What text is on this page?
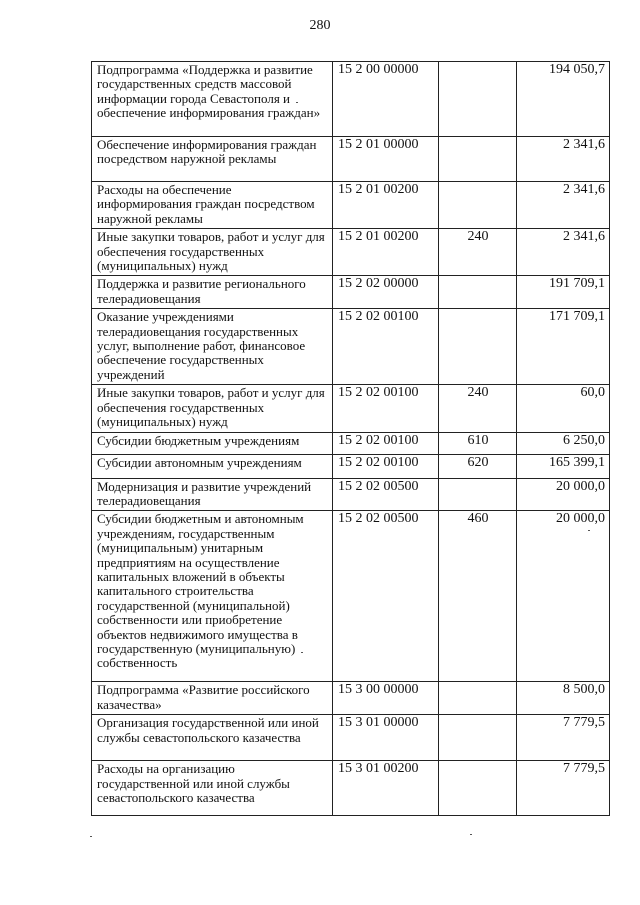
280
Подпрограмма «Поддержка и развитие государственных средств массовой информации города Севастополя и обеспечение информирования граждан»	15 2 00 00000		194 050,7
Обеспечение информирования граждан посредством наружной рекламы	15 2 01 00000		2 341,6
Расходы на обеспечение информирования граждан посредством наружной рекламы	15 2 01 00200		2 341,6
Иные закупки товаров, работ и услуг для обеспечения государственных (муниципальных) нужд	15 2 01 00200	240	2 341,6
Поддержка и развитие регионального телерадиовещания	15 2 02 00000		191 709,1
Оказание учреждениями телерадиовещания государственных услуг, выполнение работ, финансовое обеспечение государственных учреждений	15 2 02 00100		171 709,1
Иные закупки товаров, работ и услуг для обеспечения государственных (муниципальных) нужд	15 2 02 00100	240	60,0
Субсидии бюджетным учреждениям	15 2 02 00100	610	6 250,0
Субсидии автономным учреждениям	15 2 02 00100	620	165 399,1
Модернизация и развитие учреждений телерадиовещания	15 2 02 00500		20 000,0
Субсидии бюджетным и автономным учреждениям, государственным (муниципальным) унитарным предприятиям на осуществление капитальных вложений в объекты капитального строительства государственной (муниципальной) собственности или приобретение объектов недвижимого имущества в государственную (муниципальную) собственность	15 2 02 00500	460	20 000,0
Подпрограмма «Развитие российского казачества»	15 3 00 00000		8 500,0
Организация государственной или иной службы севастопольского казачества	15 3 01 00000		7 779,5
Расходы на организацию государственной или иной службы севастопольского казачества	15 3 01 00200		7 779,5
